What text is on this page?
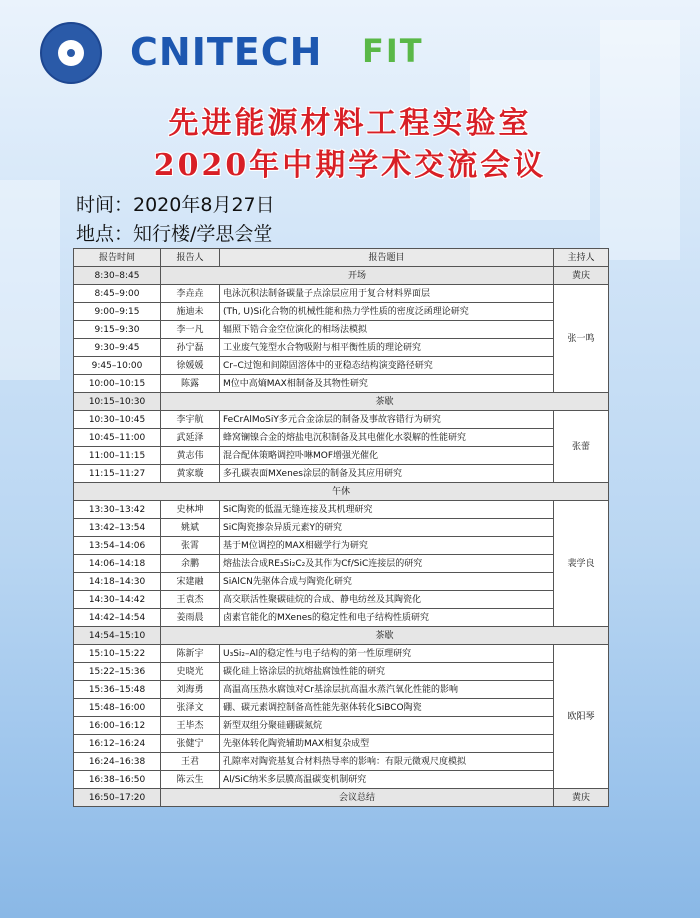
CNITECH FIT
先进能源材料工程实验室
2020年中期学术交流会议
时间：2020年8月27日
地点：知行楼/学思会堂
报告时间	报告人	报告题目	主持人
8:30–8:45	开场		黄庆
8:45–9:00	李垚垚	电泳沉积法制备碳量子点涂层应用于复合材料界面层	张一鸣
9:00–9:15	施迪未	(Th, U)Si化合物的机械性能和热力学性质的密度泛函理论研究	
9:15–9:30	李一凡	辐照下锆合金空位演化的相场法模拟	
9:30–9:45	孙宁磊	工业废气笼型水合物吸附与相平衡性质的理论研究	
9:45–10:00	徐媛媛	Cr–C过饱和间隙固溶体中的亚稳态结构演变路径研究	
10:00–10:15	陈露	M位中高熵MAX相制备及其物性研究	
10:15–10:30	茶歇		
10:30–10:45	李宇航	FeCrAlMoSiY多元合金涂层的制备及事故容错行为研究	张蕾
10:45–11:00	武延泽	蜂窝镧镍合金的熔盐电沉积制备及其电催化水裂解的性能研究	
11:00–11:15	黄志伟	混合配体策略调控卟啉MOF增强光催化	
11:15–11:27	黄家璇	多孔碳表面MXenes涂层的制备及其应用研究	
午休			
13:30–13:42	史林坤	SiC陶瓷的低温无缝连接及其机理研究	裴学良
13:42–13:54	姚斌	SiC陶瓷掺杂异质元素Y的研究	
13:54–14:06	张霄	基于M位调控的MAX相磁学行为研究	
14:06–14:18	余鹏	熔盐法合成RE₃Si₂C₂及其作为Cf/SiC连接层的研究	
14:18–14:30	宋建融	SiAlCN先驱体合成与陶瓷化研究	
14:30–14:42	王袁杰	高交联活性聚碳硅烷的合成、静电纺丝及其陶瓷化	
14:42–14:54	姜雨晨	卤素官能化的MXenes的稳定性和电子结构性质研究	
14:54–15:10	茶歇		
15:10–15:22	陈新宇	U₃Si₂–Al的稳定性与电子结构的第一性原理研究	欧阳琴
15:22–15:36	史晓光	碳化硅上铬涂层的抗熔盐腐蚀性能的研究	
15:36–15:48	刘海勇	高温高压热水腐蚀对Cr基涂层抗高温水蒸汽氧化性能的影响	
15:48–16:00	张泽文	硼、碳元素调控制备高性能先驱体转化SiBCO陶瓷	
16:00–16:12	王毕杰	新型双组分聚硅硼碳氮烷	
16:12–16:24	张健宁	先驱体转化陶瓷辅助MAX相复杂成型	
16:24–16:38	王君	孔隙率对陶瓷基复合材料热导率的影响：有限元微观尺度模拟	
16:38–16:50	陈云生	Al/SiC纳米多层膜高温碳变机制研究	
16:50–17:20	会议总结		黄庆
